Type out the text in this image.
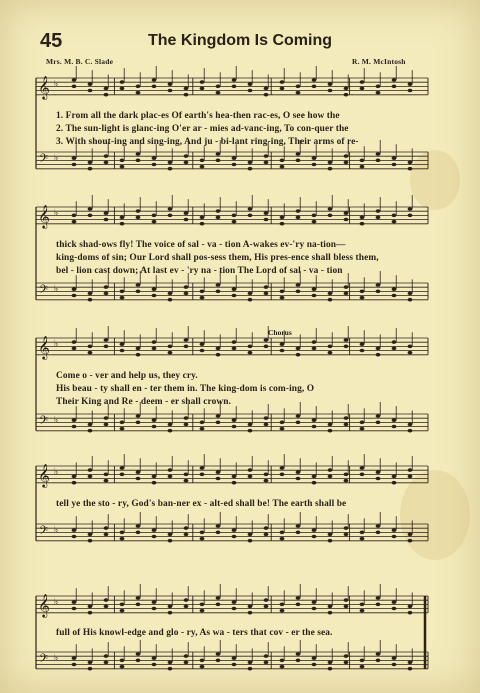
45	The Kingdom Is Coming
Mrs. M. B. C. Slade	R. M. McIntosh
𝄞
𝄢
♭
♭
𝄞
𝄢
♭
♭
𝄞
𝄢
♭
♭
𝄞
𝄢
♭
♭
𝄞
𝄢
♭
♭
Chorus
1. From all the dark plac-es Of earth's hea-then rac-es, O see how the
2. The sun-light is glanc-ing O'er ar - mies ad-vanc-ing, To con-quer the
3. With shout-ing and sing-ing, And ju - bi-lant ring-ing, Their arms of re-
thick shad-ows fly! The voice of sal - va - tion A-wakes ev-'ry na-tion—
king-doms of sin; Our Lord shall pos-sess them, His pres-ence shall bless them,
bel - lion cast down; At last ev - 'ry na - tion The Lord of sal - va - tion
Come o - ver and help us, they cry.
His beau - ty shall en - ter them in. The king-dom is com-ing, O
Their King and Re - deem - er shall crown.
tell ye the sto - ry, God's ban-ner ex - alt-ed shall be! The earth shall be
full of His knowl-edge and glo - ry, As wa - ters that cov - er the sea.
